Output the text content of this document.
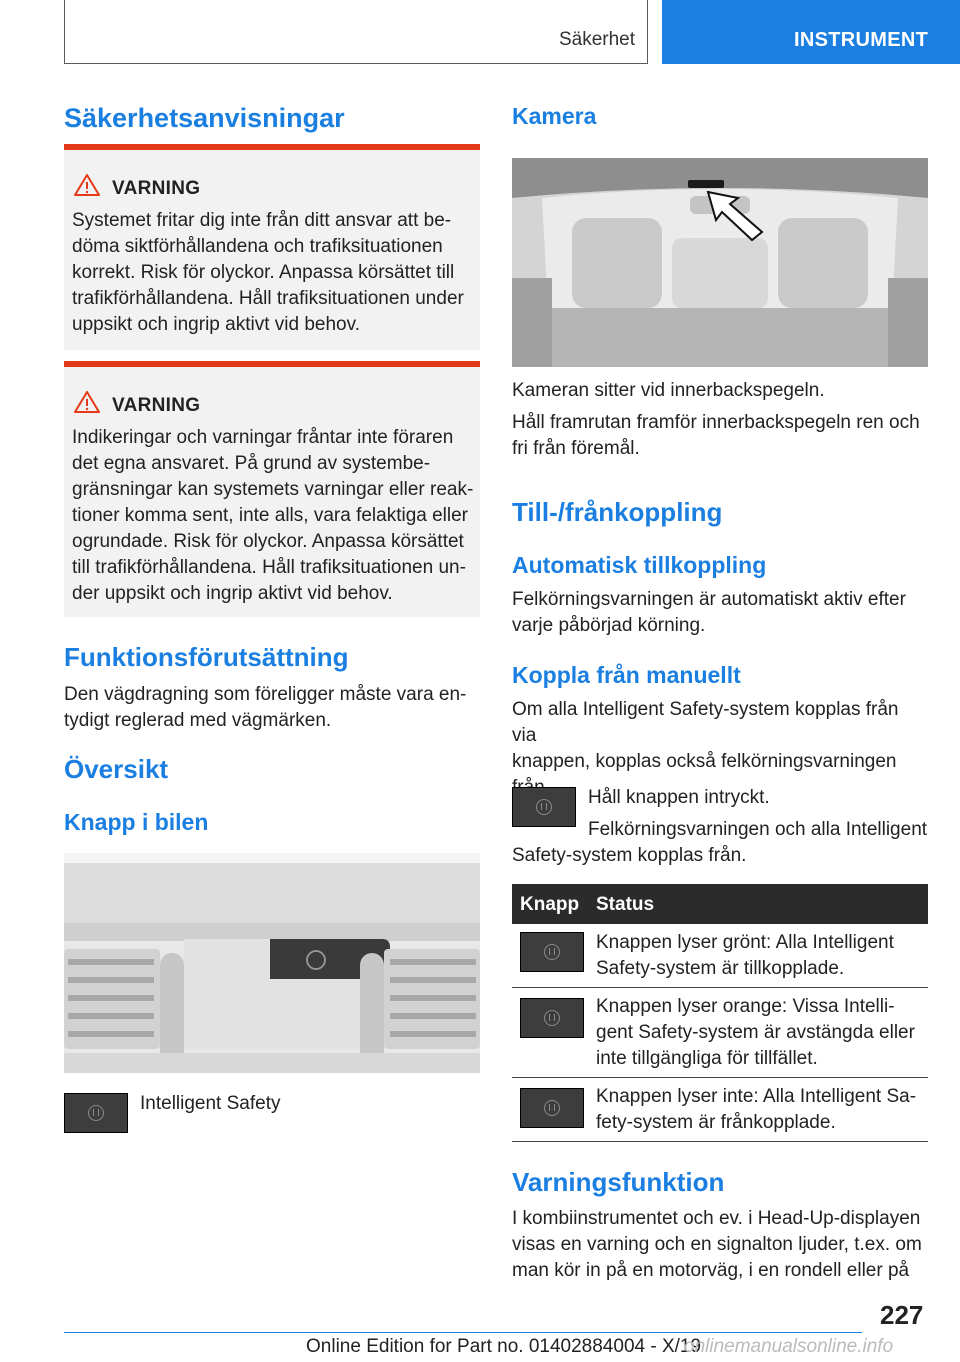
Säkerhet	INSTRUMENT
Säkerhetsanvisningar
VARNING
Systemet fritar dig inte från ditt ansvar att be-
döma siktförhållandena och trafiksituationen
korrekt. Risk för olyckor. Anpassa körsättet till
trafikförhållandena. Håll trafiksituationen under
uppsikt och ingrip aktivt vid behov.
VARNING
Indikeringar och varningar fråntar inte föraren
det egna ansvaret. På grund av systembe-
gränsningar kan systemets varningar eller reak-
tioner komma sent, inte alls, vara felaktiga eller
ogrundade. Risk för olyckor. Anpassa körsättet
till trafikförhållandena. Håll trafiksituationen un-
der uppsikt och ingrip aktivt vid behov.
Funktionsförutsättning
Den vägdragning som föreligger måste vara en-
tydigt reglerad med vägmärken.
Översikt
Knapp i bilen
Intelligent Safety
Kamera
Kameran sitter vid innerbackspegeln.
Håll framrutan framför innerbackspegeln ren och
fri från föremål.
Till-/frånkoppling
Automatisk tillkoppling
Felkörningsvarningen är automatiskt aktiv efter
varje påbörjad körning.
Koppla från manuellt
Om alla Intelligent Safety-system kopplas från via
knappen, kopplas också felkörningsvarningen
Håll knappen intryckt.
Felkörningsvarningen och alla Intelligent
Safety-system kopplas från.
Knapp Status
Knappen lyser grönt: Alla Intelligent
Safety-system är tillkopplade.
Knappen lyser orange: Vissa Intelli-
gent Safety-system är avstängda eller
inte tillgängliga för tillfället.
Knappen lyser inte: Alla Intelligent Sa-
fety-system är frånkopplade.
Varningsfunktion
I kombiinstrumentet och ev. i Head-Up-displayen
visas en varning och en signalton ljuder, t.ex. om
man kör in på en motorväg, i en rondell eller på
227
Online Edition for Part no. 01402884004 - X/19
onlinemanualsonline.info
